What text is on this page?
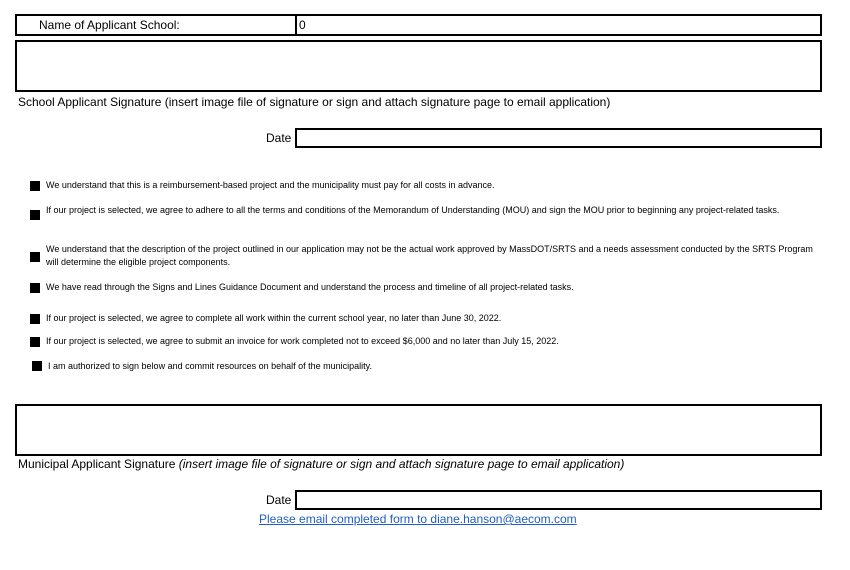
Name of Applicant School:	0
School Applicant Signature (insert image file of signature or sign and attach signature page to email application)
Date
We understand that this is a reimbursement-based project and the municipality must pay for all costs in advance.
If our project is selected, we agree to adhere to all the terms and conditions of the Memorandum of Understanding (MOU) and sign the MOU prior to beginning any project-related tasks.
We understand that the description of the project outlined in our application may not be the actual work approved by MassDOT/SRTS and a needs assessment conducted by the SRTS Program will determine the eligible project components.
We have read through the Signs and Lines Guidance Document and understand the process and timeline of all project-related tasks.
If our project is selected, we agree to complete all work within the current school year, no later than June 30, 2022.
If our project is selected, we agree to submit an invoice for work completed not to exceed $6,000 and no later than July 15, 2022.
I am authorized to sign below and commit resources on behalf of the municipality.
Municipal Applicant Signature (insert image file of signature or sign and attach signature page to email application)
Date
Please email completed form to diane.hanson@aecom.com
